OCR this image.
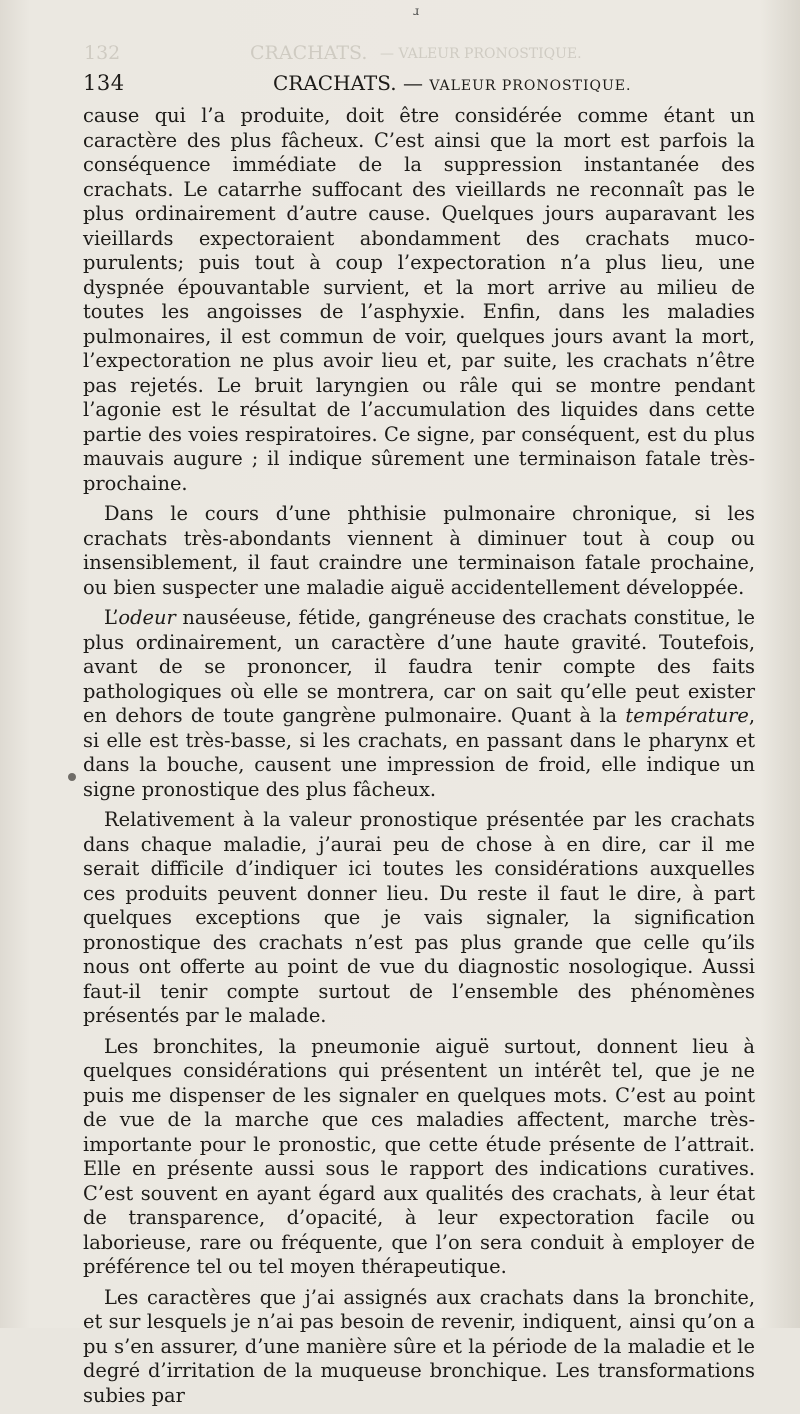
ɹ
132	CRACHATS. — VALEUR PRONOSTIQUE.
134	CRACHATS. — VALEUR PRONOSTIQUE.

cause qui l’a produite, doit être considérée comme étant un caractère des plus fâcheux. C’est ainsi que la mort est parfois la conséquence immédiate de la suppression instantanée des crachats. Le catarrhe suffocant des vieillards ne reconnaît pas le plus ordinairement d’autre cause. Quelques jours auparavant les vieillards expectoraient abondamment des crachats muco-purulents; puis tout à coup l’expectoration n’a plus lieu, une dyspnée épouvantable survient, et la mort arrive au milieu de toutes les angoisses de l’asphyxie. Enfin, dans les maladies pulmonaires, il est commun de voir, quelques jours avant la mort, l’expectoration ne plus avoir lieu et, par suite, les crachats n’être pas rejetés. Le bruit laryngien ou râle qui se montre pendant l’agonie est le résultat de l’accumulation des liquides dans cette partie des voies respiratoires. Ce signe, par conséquent, est du plus mauvais augure ; il indique sûrement une terminaison fatale très-prochaine.

Dans le cours d’une phthisie pulmonaire chronique, si les crachats très-abondants viennent à diminuer tout à coup ou insensiblement, il faut craindre une terminaison fatale prochaine, ou bien suspecter une maladie aiguë accidentellement développée.

L’odeur nauséeuse, fétide, gangréneuse des crachats constitue, le plus ordinairement, un caractère d’une haute gravité. Toutefois, avant de se prononcer, il faudra tenir compte des faits pathologiques où elle se montrera, car on sait qu’elle peut exister en dehors de toute gangrène pulmonaire. Quant à la température, si elle est très-basse, si les crachats, en passant dans le pharynx et dans la bouche, causent une impression de froid, elle indique un signe pronostique des plus fâcheux.

Relativement à la valeur pronostique présentée par les crachats dans chaque maladie, j’aurai peu de chose à en dire, car il me serait difficile d’indiquer ici toutes les considérations auxquelles ces produits peuvent donner lieu. Du reste il faut le dire, à part quelques exceptions que je vais signaler, la signification pronostique des crachats n’est pas plus grande que celle qu’ils nous ont offerte au point de vue du diagnostic nosologique. Aussi faut-il tenir compte surtout de l’ensemble des phénomènes présentés par le malade.

Les bronchites, la pneumonie aiguë surtout, donnent lieu à quelques considérations qui présentent un intérêt tel, que je ne puis me dispenser de les signaler en quelques mots. C’est au point de vue de la marche que ces maladies affectent, marche très-importante pour le pronostic, que cette étude présente de l’attrait. Elle en présente aussi sous le rapport des indications curatives. C’est souvent en ayant égard aux qualités des crachats, à leur état de transparence, d’opacité, à leur expectoration facile ou laborieuse, rare ou fréquente, que l’on sera conduit à employer de préférence tel ou tel moyen thérapeutique.

Les caractères que j’ai assignés aux crachats dans la bronchite, et sur lesquels je n’ai pas besoin de revenir, indiquent, ainsi qu’on a pu s’en assurer, d’une manière sûre et la période de la maladie et le degré d’irritation de la muqueuse bronchique. Les transformations subies par
